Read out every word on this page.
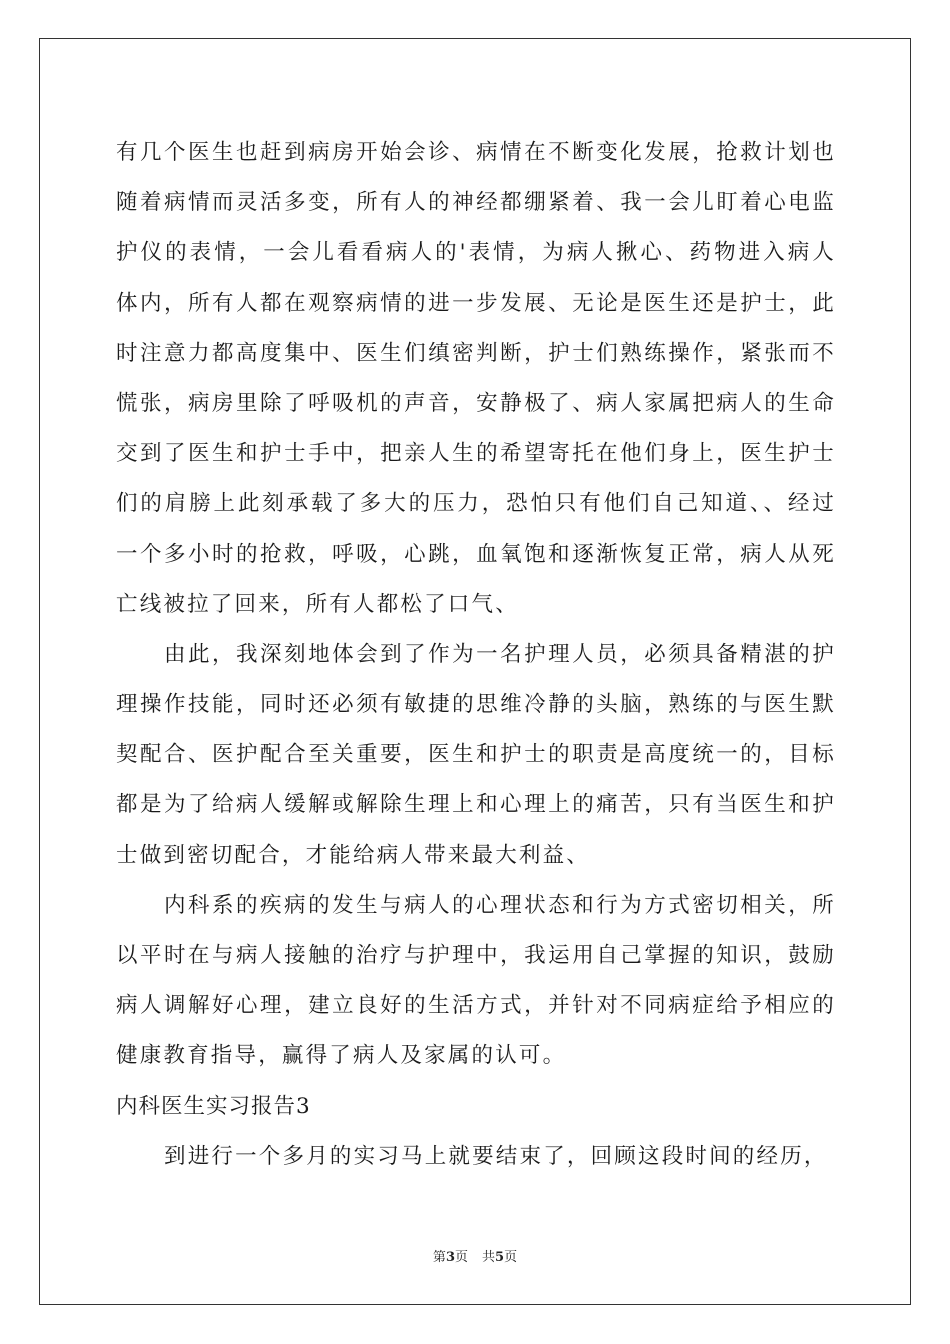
有几个医生也赶到病房开始会诊、病情在不断变化发展，抢救计划也
随着病情而灵活多变，所有人的神经都绷紧着、我一会儿盯着心电监
护仪的表情，一会儿看看病人的'表情，为病人揪心、药物进入病人
体内，所有人都在观察病情的进一步发展、无论是医生还是护士，此
时注意力都高度集中、医生们缜密判断，护士们熟练操作，紧张而不
慌张，病房里除了呼吸机的声音，安静极了、病人家属把病人的生命
交到了医生和护士手中，把亲人生的希望寄托在他们身上，医生护士
们的肩膀上此刻承载了多大的压力，恐怕只有他们自己知道、、经过
一个多小时的抢救，呼吸，心跳，血氧饱和逐渐恢复正常，病人从死
亡线被拉了回来，所有人都松了口气、
由此，我深刻地体会到了作为一名护理人员，必须具备精湛的护
理操作技能，同时还必须有敏捷的思维冷静的头脑，熟练的与医生默
契配合、医护配合至关重要，医生和护士的职责是高度统一的，目标
都是为了给病人缓解或解除生理上和心理上的痛苦，只有当医生和护
士做到密切配合，才能给病人带来最大利益、
内科系的疾病的发生与病人的心理状态和行为方式密切相关，所
以平时在与病人接触的治疗与护理中，我运用自己掌握的知识，鼓励
病人调解好心理，建立良好的生活方式，并针对不同病症给予相应的
健康教育指导，赢得了病人及家属的认可。
内科医生实习报告3
到进行一个多月的实习马上就要结束了，回顾这段时间的经历，
第3页 共5页
